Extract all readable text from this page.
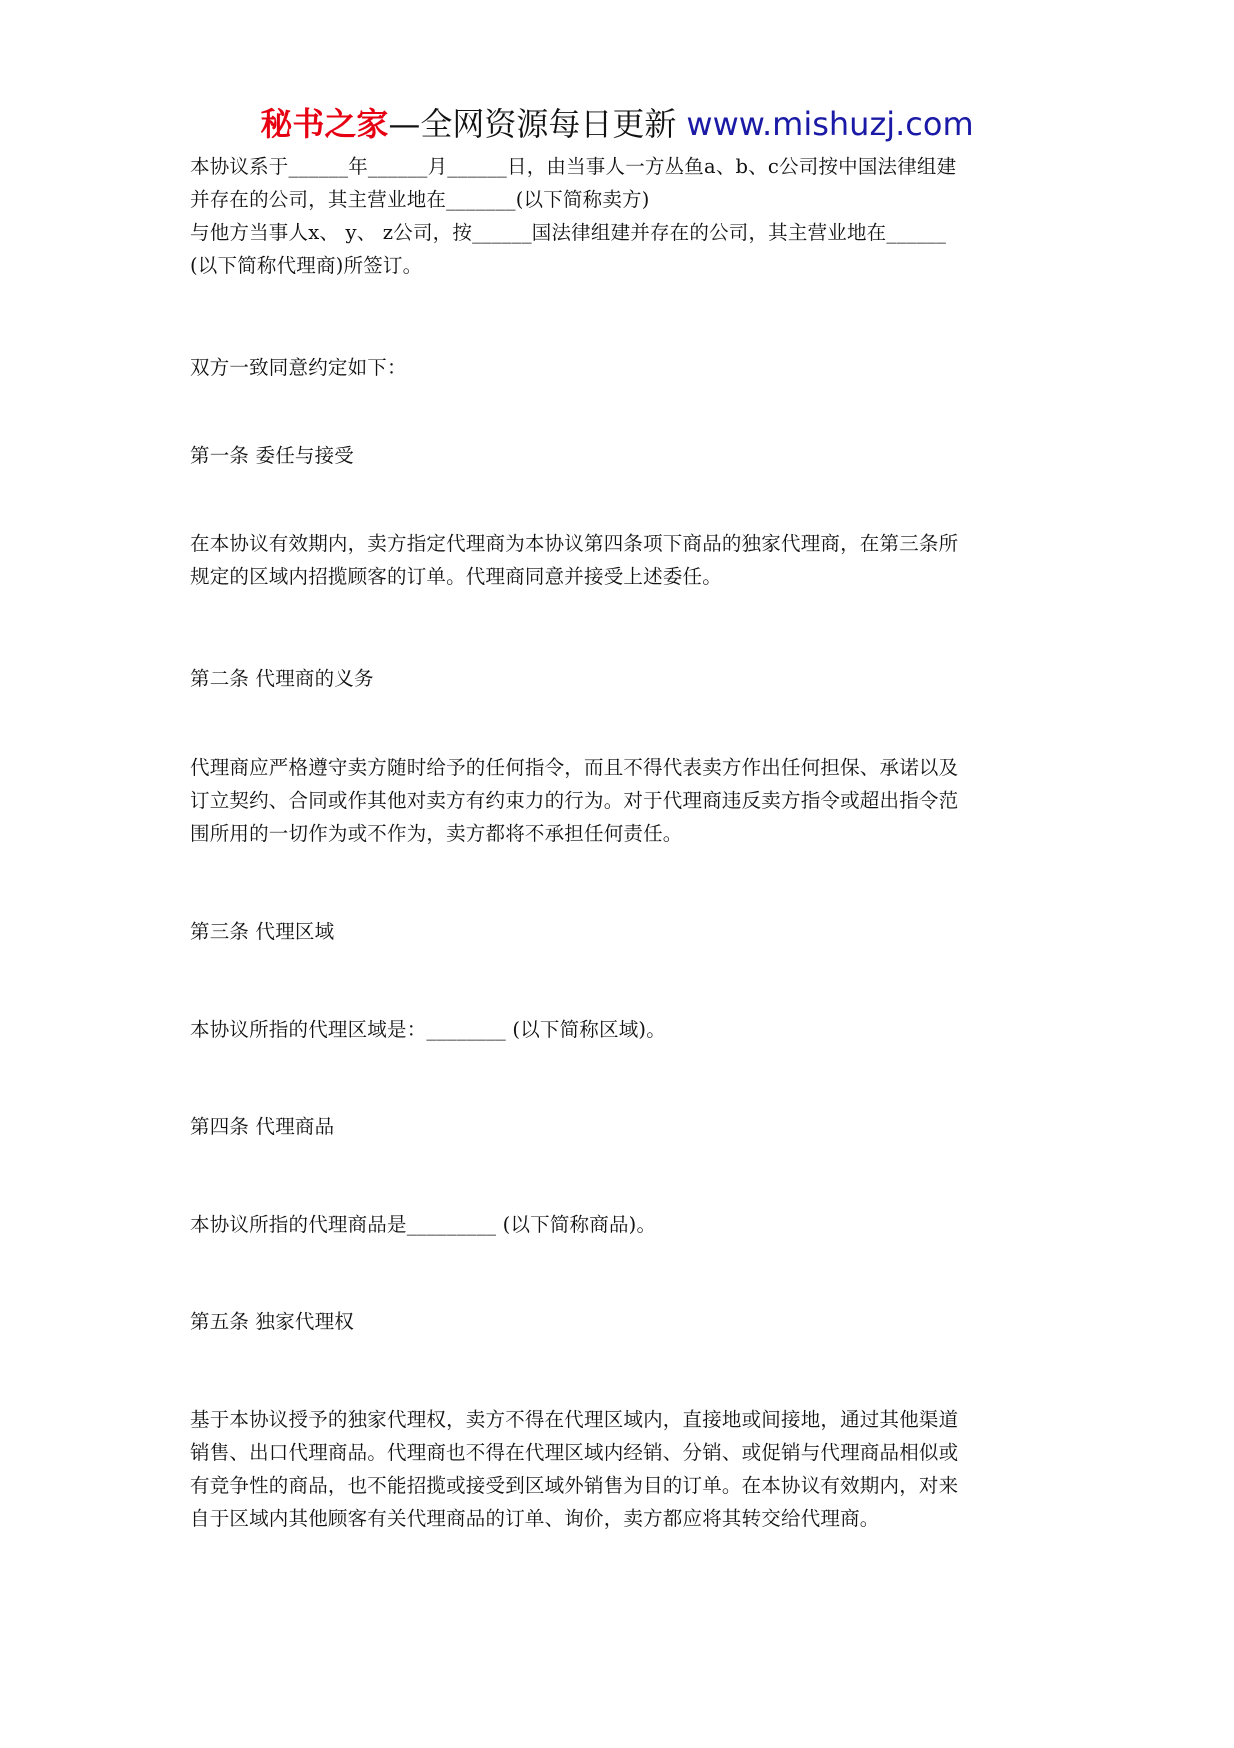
秘书之家—全网资源每日更新 www.mishuzj.com
本协议系于______年______月______日，由当事人一方丛鱼a、b、c公司按中国法律组建
并存在的公司，其主营业地在_______(以下简称卖方)
与他方当事人x、 y、 z公司，按______国法律组建并存在的公司，其主营业地在______
(以下简称代理商)所签订。
双方一致同意约定如下：
第一条 委任与接受
在本协议有效期内，卖方指定代理商为本协议第四条项下商品的独家代理商，在第三条所
规定的区域内招揽顾客的订单。代理商同意并接受上述委任。
第二条 代理商的义务
代理商应严格遵守卖方随时给予的任何指令，而且不得代表卖方作出任何担保、承诺以及
订立契约、合同或作其他对卖方有约束力的行为。对于代理商违反卖方指令或超出指令范
围所用的一切作为或不作为，卖方都将不承担任何责任。
第三条 代理区域
本协议所指的代理区域是：________ (以下简称区域)。
第四条 代理商品
本协议所指的代理商品是_________ (以下简称商品)。
第五条 独家代理权
基于本协议授予的独家代理权，卖方不得在代理区域内，直接地或间接地，通过其他渠道
销售、出口代理商品。代理商也不得在代理区域内经销、分销、或促销与代理商品相似或
有竞争性的商品，也不能招揽或接受到区域外销售为目的订单。在本协议有效期内，对来
自于区域内其他顾客有关代理商品的订单、询价，卖方都应将其转交给代理商。
